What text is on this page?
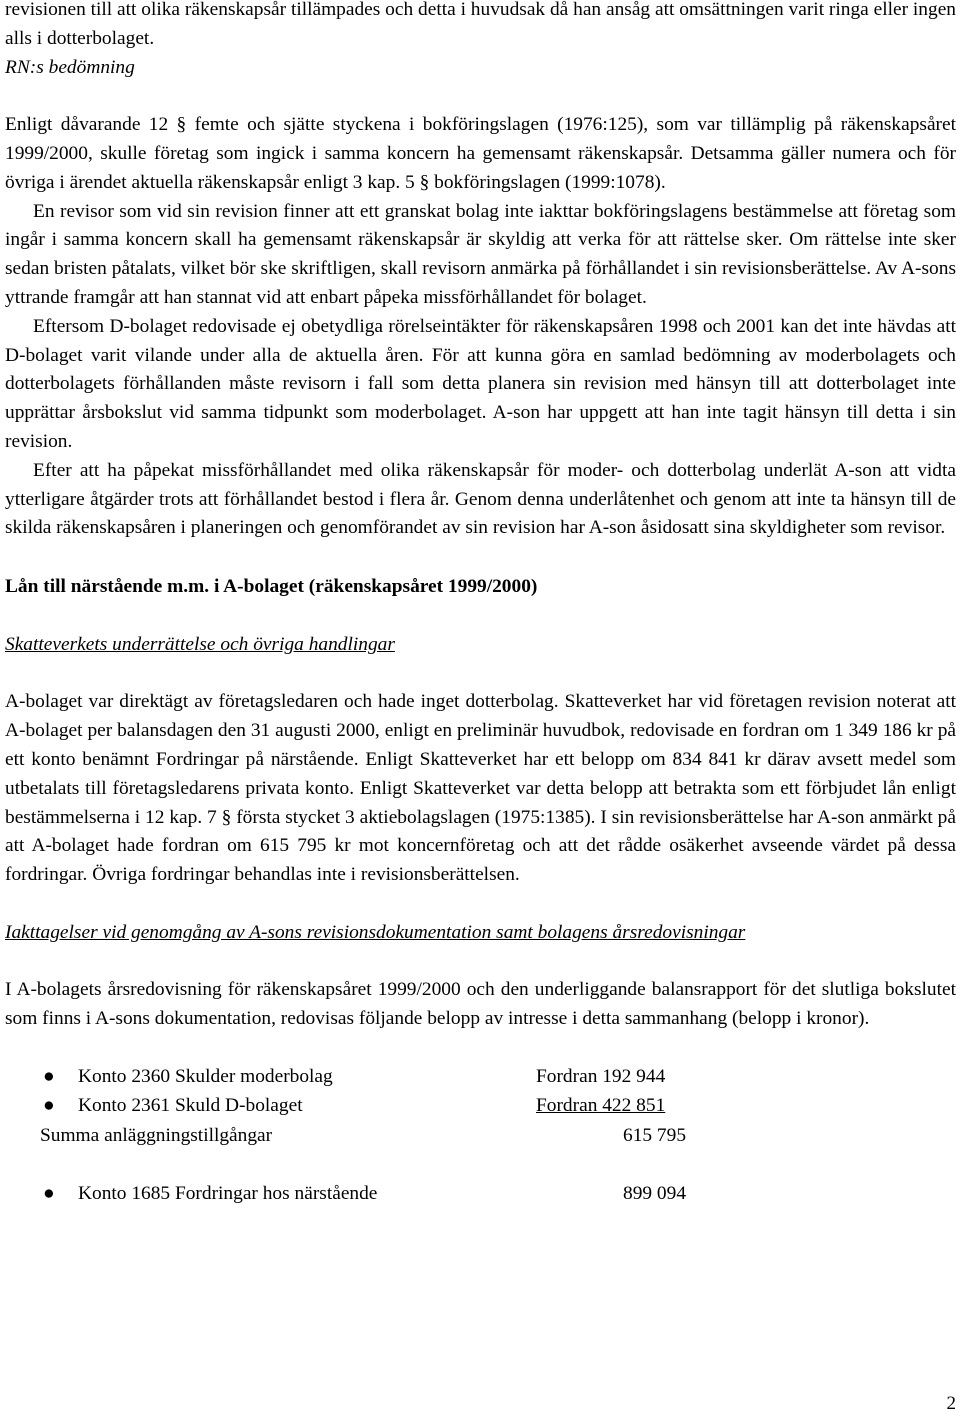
revisionen till att olika räkenskapsår tillämpades och detta i huvudsak då han ansåg att omsättningen varit ringa eller ingen alls i dotterbolaget.

RN:s bedömning

Enligt dåvarande 12 § femte och sjätte styckena i bokföringslagen (1976:125), som var tillämplig på räkenskapsåret 1999/2000, skulle företag som ingick i samma koncern ha gemensamt räkenskapsår. Detsamma gäller numera och för övriga i ärendet aktuella räkenskapsår enligt 3 kap. 5 § bokföringslagen (1999:1078).

En revisor som vid sin revision finner att ett granskat bolag inte iakttar bokföringslagens bestämmelse att företag som ingår i samma koncern skall ha gemensamt räkenskapsår är skyldig att verka för att rättelse sker. Om rättelse inte sker sedan bristen påtalats, vilket bör ske skriftligen, skall revisorn anmärka på förhållandet i sin revisionsberättelse. Av A-sons yttrande framgår att han stannat vid att enbart påpeka missförhållandet för bolaget.

Eftersom D-bolaget redovisade ej obetydliga rörelseintäkter för räkenskapsåren 1998 och 2001 kan det inte hävdas att D-bolaget varit vilande under alla de aktuella åren. För att kunna göra en samlad bedömning av moderbolagets och dotterbolagets förhållanden måste revisorn i fall som detta planera sin revision med hänsyn till att dotterbolaget inte upprättar årsbokslut vid samma tidpunkt som moderbolaget. A-son har uppgett att han inte tagit hänsyn till detta i sin revision.

Efter att ha påpekat missförhållandet med olika räkenskapsår för moder- och dotterbolag underlät A-son att vidta ytterligare åtgärder trots att förhållandet bestod i flera år. Genom denna underlåtenhet och genom att inte ta hänsyn till de skilda räkenskapsåren i planeringen och genomförandet av sin revision har A-son åsidosatt sina skyldigheter som revisor.

Lån till närstående m.m. i A-bolaget (räkenskapsåret 1999/2000)

Skatteverkets underrättelse och övriga handlingar

A-bolaget var direktägt av företagsledaren och hade inget dotterbolag. Skatteverket har vid företagen revision noterat att A-bolaget per balansdagen den 31 augusti 2000, enligt en preliminär huvudbok, redovisade en fordran om 1 349 186 kr på ett konto benämnt Fordringar på närstående. Enligt Skatteverket har ett belopp om 834 841 kr därav avsett medel som utbetalats till företagsledarens privata konto. Enligt Skatteverket var detta belopp att betrakta som ett förbjudet lån enligt bestämmelserna i 12 kap. 7 § första stycket 3 aktiebolagslagen (1975:1385). I sin revisionsberättelse har A-son anmärkt på att A-bolaget hade fordran om 615 795 kr mot koncernföretag och att det rådde osäkerhet avseende värdet på dessa fordringar. Övriga fordringar behandlas inte i revisionsberättelsen.

Iakttagelser vid genomgång av A-sons revisionsdokumentation samt bolagens årsredovisningar

I A-bolagets årsredovisning för räkenskapsåret 1999/2000 och den underliggande balansrapport för det slutliga bokslutet som finns i A-sons dokumentation, redovisas följande belopp av intresse i detta sammanhang (belopp i kronor).

● Konto 2360 Skulder moderbolag	Fordran 192 944
● Konto 2361 Skuld D-bolaget	Fordran 422 851
Summa anläggningstillgångar	615 795
● Konto 1685 Fordringar hos närstående	899 094
2
